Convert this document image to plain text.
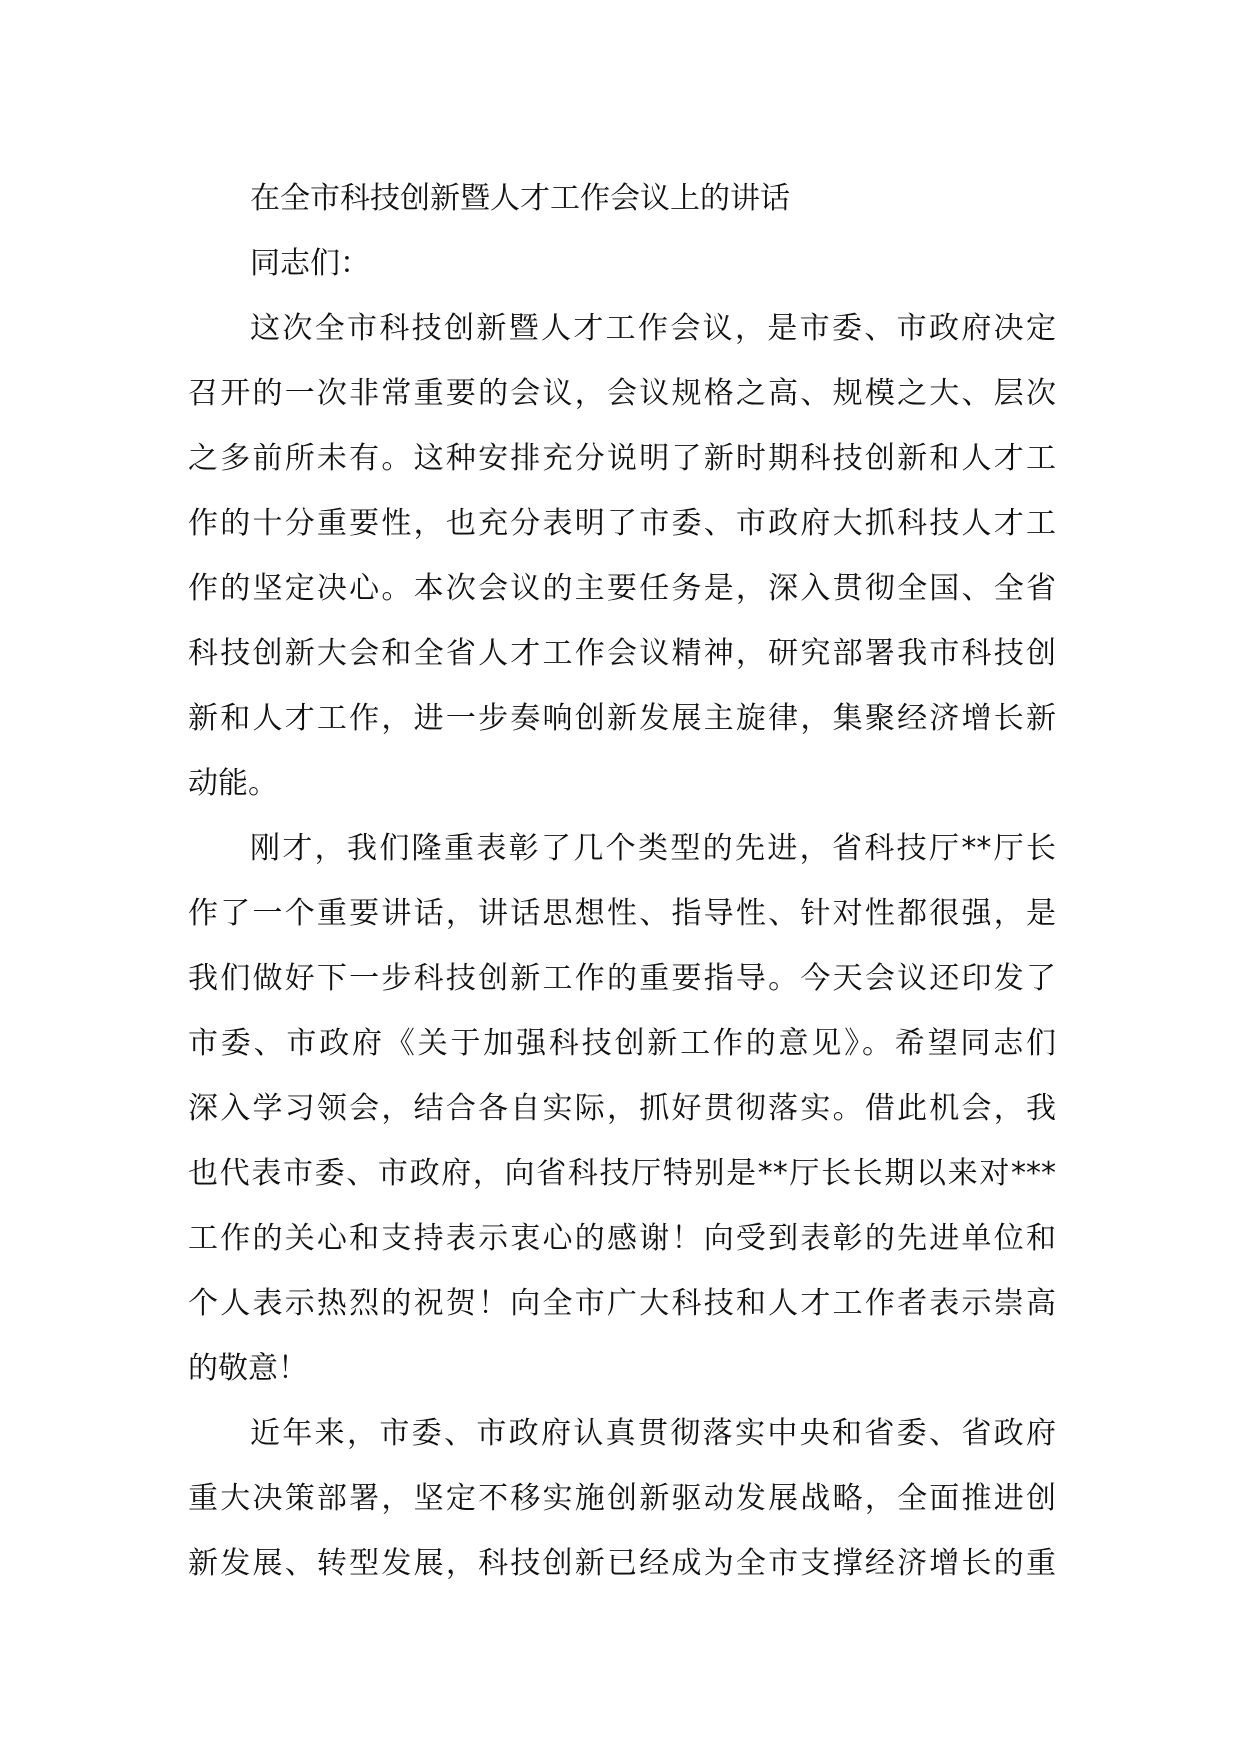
在全市科技创新暨人才工作会议上的讲话
同志们：
这次全市科技创新暨人才工作会议，是市委、市政府决定
召开的一次非常重要的会议，会议规格之高、规模之大、层次
之多前所未有。这种安排充分说明了新时期科技创新和人才工
作的十分重要性，也充分表明了市委、市政府大抓科技人才工
作的坚定决心。本次会议的主要任务是，深入贯彻全国、全省
科技创新大会和全省人才工作会议精神，研究部署我市科技创
新和人才工作，进一步奏响创新发展主旋律，集聚经济增长新
动能。
刚才，我们隆重表彰了几个类型的先进，省科技厅**厅长
作了一个重要讲话，讲话思想性、指导性、针对性都很强，是
我们做好下一步科技创新工作的重要指导。今天会议还印发了
市委、市政府《关于加强科技创新工作的意见》。希望同志们
深入学习领会，结合各自实际，抓好贯彻落实。借此机会，我
也代表市委、市政府，向省科技厅特别是**厅长长期以来对***
工作的关心和支持表示衷心的感谢！向受到表彰的先进单位和
个人表示热烈的祝贺！向全市广大科技和人才工作者表示崇高
的敬意！
近年来，市委、市政府认真贯彻落实中央和省委、省政府
重大决策部署，坚定不移实施创新驱动发展战略，全面推进创
新发展、转型发展，科技创新已经成为全市支撑经济增长的重
